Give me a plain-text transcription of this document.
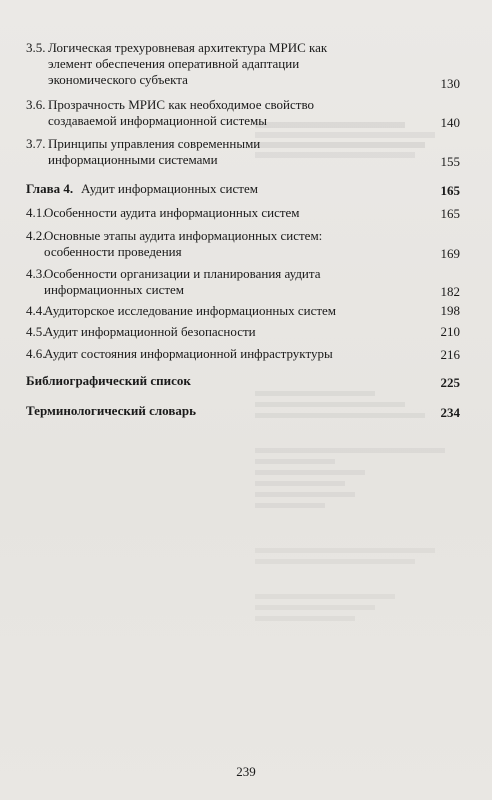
3.5. Логическая трехуровневая архитектура МРИС как
элемент обеспечения оперативной адаптации
экономического субъекта	130
3.6. Прозрачность МРИС как необходимое свойство
создаваемой информационной системы	140
3.7. Принципы управления современными
информационными системами	155
Глава 4. Аудит информационных систем	165
4.1.
Особенности аудита информационных систем	165
4.2.
Основные этапы аудита информационных систем:
особенности проведения	169
4.3.
Особенности организации и планирования аудита
информационных систем	182
4.4.
Аудиторское исследование информационных систем	198
4.5.
Аудит информационной безопасности	210
4.6.
Аудит состояния информационной инфраструктуры	216
Библиографический список	225
Терминологический словарь	234
239
